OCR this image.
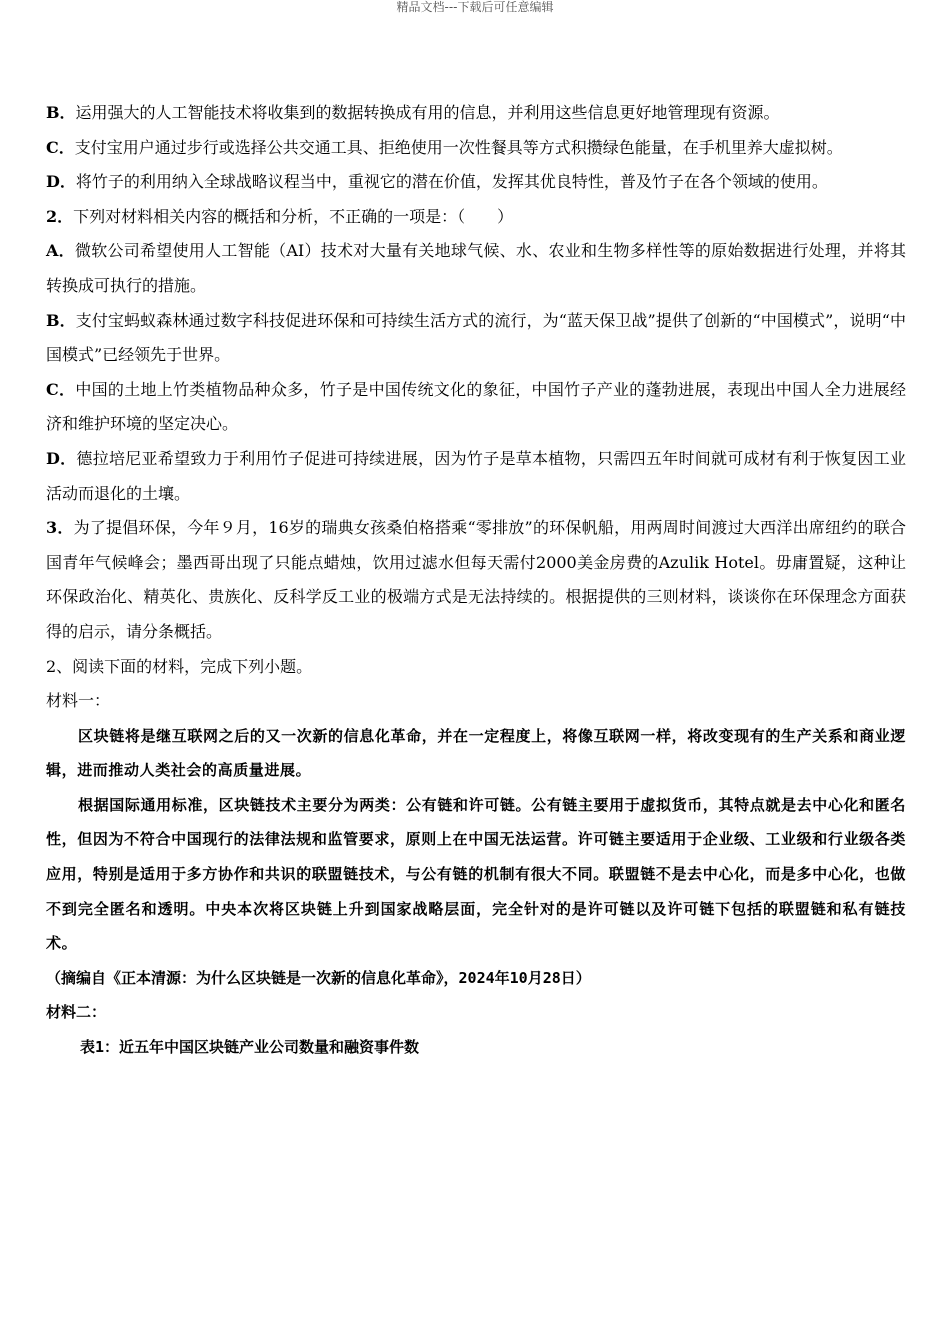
精品文档---下载后可任意编辑
B．运用强大的人工智能技术将收集到的数据转换成有用的信息，并利用这些信息更好地管理现有资源。
C．支付宝用户通过步行或选择公共交通工具、拒绝使用一次性餐具等方式积攒绿色能量，在手机里养大虚拟树。
D．将竹子的利用纳入全球战略议程当中，重视它的潜在价值，发挥其优良特性，普及竹子在各个领域的使用。
2．下列对材料相关内容的概括和分析，不正确的一项是：（　　）
A．微软公司希望使用人工智能（AI）技术对大量有关地球气候、水、农业和生物多样性等的原始数据进行处理，并将其转换成可执行的措施。
B．支付宝蚂蚁森林通过数字科技促进环保和可持续生活方式的流行，为“蓝天保卫战”提供了创新的“中国模式”，说明“中国模式”已经领先于世界。
C．中国的土地上竹类植物品种众多，竹子是中国传统文化的象征，中国竹子产业的蓬勃进展，表现出中国人全力进展经济和维护环境的坚定决心。
D．德拉培尼亚希望致力于利用竹子促进可持续进展，因为竹子是草本植物，只需四五年时间就可成材有利于恢复因工业活动而退化的土壤。
3．为了提倡环保，今年９月，16岁的瑞典女孩桑伯格搭乘“零排放”的环保帆船，用两周时间渡过大西洋出席纽约的联合国青年气候峰会；墨西哥出现了只能点蜡烛，饮用过滤水但每天需付2000美金房费的Azulik Hotel。毋庸置疑，这种让环保政治化、精英化、贵族化、反科学反工业的极端方式是无法持续的。根据提供的三则材料，谈谈你在环保理念方面获得的启示，请分条概括。
2、阅读下面的材料，完成下列小题。
材料一：
区块链将是继互联网之后的又一次新的信息化革命，并在一定程度上，将像互联网一样，将改变现有的生产关系和商业逻辑，进而推动人类社会的高质量进展。
根据国际通用标准，区块链技术主要分为两类：公有链和许可链。公有链主要用于虚拟货币，其特点就是去中心化和匿名性，但因为不符合中国现行的法律法规和监管要求，原则上在中国无法运营。许可链主要适用于企业级、工业级和行业级各类应用，特别是适用于多方协作和共识的联盟链技术，与公有链的机制有很大不同。联盟链不是去中心化，而是多中心化，也做不到完全匿名和透明。中央本次将区块链上升到国家战略层面，完全针对的是许可链以及许可链下包括的联盟链和私有链技术。
（摘编自《正本清源：为什么区块链是一次新的信息化革命》，2024年10月28日）
材料二：
表1：近五年中国区块链产业公司数量和融资事件数
